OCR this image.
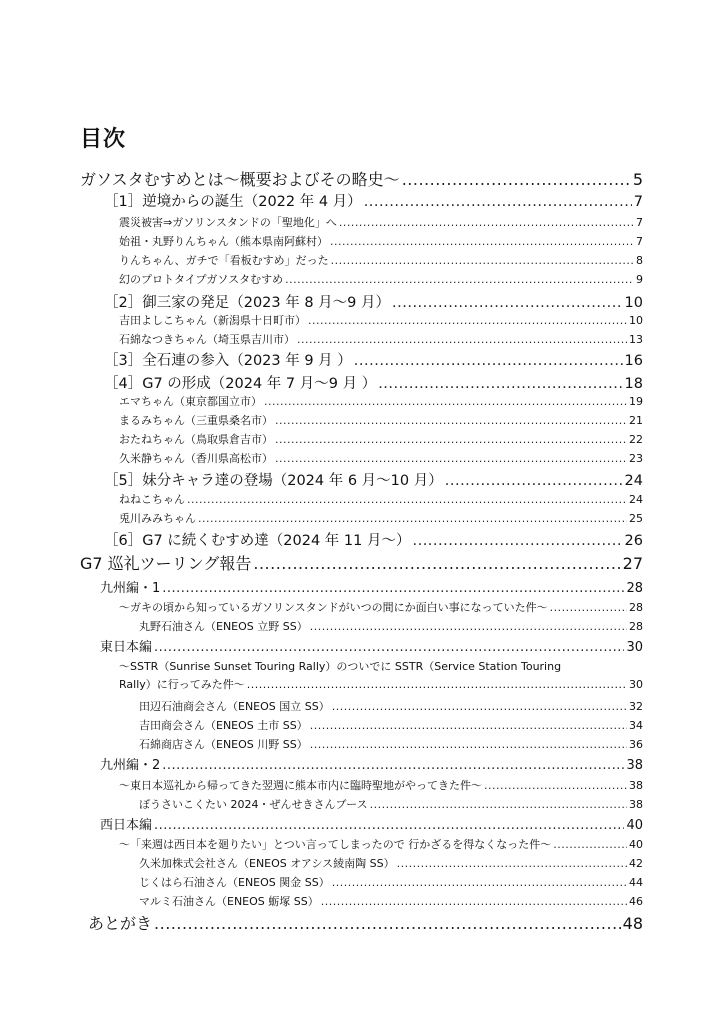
目次
ガソスタむすめとは～概要およびその略史～ .....	5
［1］逆境からの誕生（2022 年 4 月） .....	7
震災被害⇒ガソリンスタンドの「聖地化」へ .....	7
始祖・丸野りんちゃん（熊本県南阿蘇村） .....	7
りんちゃん、ガチで「看板むすめ」だった .....	8
幻のプロトタイプガソスタむすめ .....	9
［2］御三家の発足（2023 年 8 月～9 月） .....	10
吉田よしこちゃん（新潟県十日町市） .....	10
石綿なつきちゃん（埼玉県吉川市） .....	13
［3］全石連の参入（2023 年 9 月 ） .....	16
［4］G7 の形成（2024 年 7 月～9 月 ） .....	18
エマちゃん（東京都国立市） .....	19
まるみちゃん（三重県桑名市） .....	21
おたねちゃん（鳥取県倉吉市） .....	22
久米静ちゃん（香川県高松市） .....	23
［5］妹分キャラ達の登場（2024 年 6 月～10 月） .....	24
ねねこちゃん .....	24
兎川みみちゃん .....	25
［6］G7 に続くむすめ達（2024 年 11 月～） .....	26
G7 巡礼ツーリング報告 .....	27
九州編・1 .....	28
～ガキの頃から知っているガソリンスタンドがいつの間にか面白い事になっていた件～ .....	28
丸野石油さん（ENEOS 立野 SS） .....	28
東日本編 .....	30
～SSTR（Sunrise Sunset Touring Rally）のついでに SSTR（Service Station Touring
Rally）に行ってみた件～ .....	30
田辺石油商会さん（ENEOS 国立 SS） .....	32
吉田商会さん（ENEOS 土市 SS） .....	34
石綿商店さん（ENEOS 川野 SS） .....	36
九州編・2 .....	38
～東日本巡礼から帰ってきた翌週に熊本市内に臨時聖地がやってきた件～ .....	38
ぼうさいこくたい 2024・ぜんせきさんブース .....	38
西日本編 .....	40
～「来週は西日本を廻りたい」とつい言ってしまったので 行かざるを得なくなった件～ .....	40
久米加株式会社さん（ENEOS オアシス綾南陶 SS） .....	42
じくはら石油さん（ENEOS 関金 SS） .....	44
マルミ石油さん（ENEOS 蛎塚 SS） .....	46
あとがき .....	48
